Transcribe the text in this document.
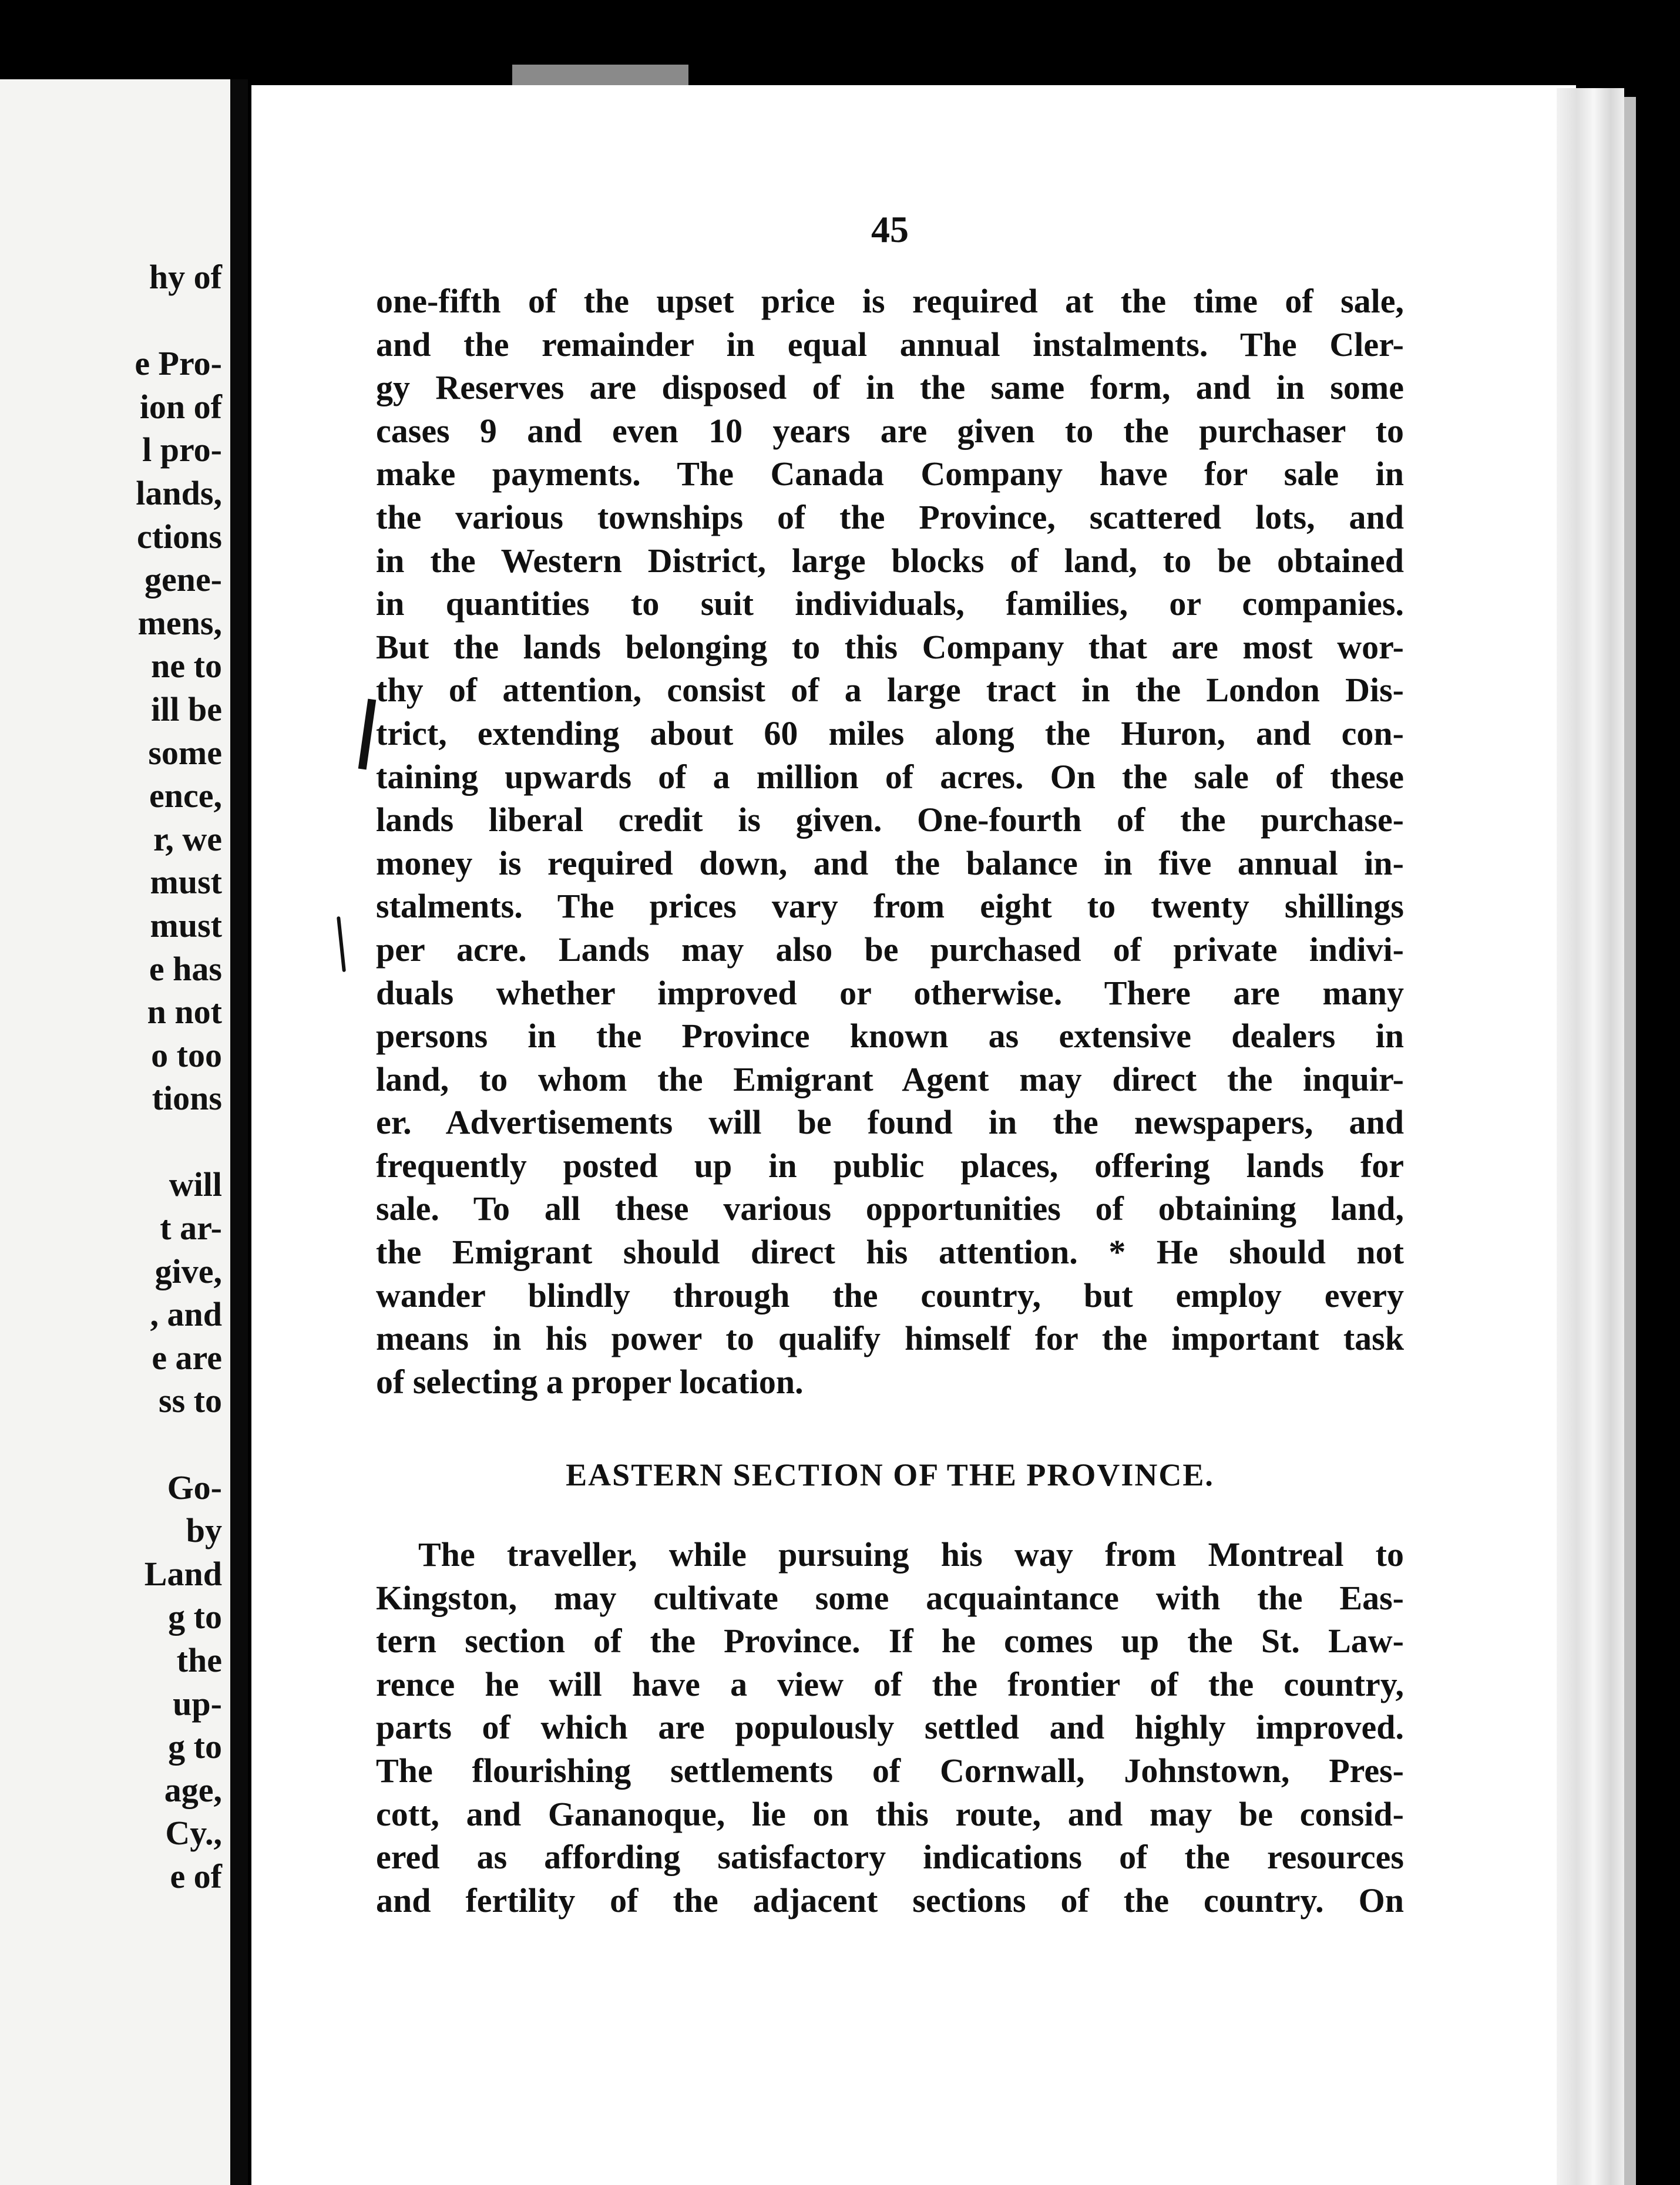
hy of
e Pro-
ion of
l pro-
lands,
ctions
gene-
mens,
ne to
ill be
some
ence,
r, we
must
must
e has
n not
o too
tions
will
t ar-
give,
, and
e are
ss to
Go-
by
Land
g to
the
up-
g to
age,
Cy.,
e of
45
one-fifth of the upset price is required at the time of sale,
and the remainder in equal annual instalments. The Cler-
gy Reserves are disposed of in the same form, and in some
cases 9 and even 10 years are given to the purchaser to
make payments. The Canada Company have for sale in
the various townships of the Province, scattered lots, and
in the Western District, large blocks of land, to be obtained
in quantities to suit individuals, families, or companies.
But the lands belonging to this Company that are most wor-
thy of attention, consist of a large tract in the London Dis-
trict, extending about 60 miles along the Huron, and con-
taining upwards of a million of acres. On the sale of these
lands liberal credit is given. One-fourth of the purchase-
money is required down, and the balance in five annual in-
stalments. The prices vary from eight to twenty shillings
per acre. Lands may also be purchased of private indivi-
duals whether improved or otherwise. There are many
persons in the Province known as extensive dealers in
land, to whom the Emigrant Agent may direct the inquir-
er. Advertisements will be found in the newspapers, and
frequently posted up in public places, offering lands for
sale. To all these various opportunities of obtaining land,
the Emigrant should direct his attention. * He should not
wander blindly through the country, but employ every
means in his power to qualify himself for the important task
of selecting a proper location.
EASTERN SECTION OF THE PROVINCE.
The traveller, while pursuing his way from Montreal to
Kingston, may cultivate some acquaintance with the Eas-
tern section of the Province. If he comes up the St. Law-
rence he will have a view of the frontier of the country,
parts of which are populously settled and highly improved.
The flourishing settlements of Cornwall, Johnstown, Pres-
cott, and Gananoque, lie on this route, and may be consid-
ered as affording satisfactory indications of the resources
and fertility of the adjacent sections of the country. On
